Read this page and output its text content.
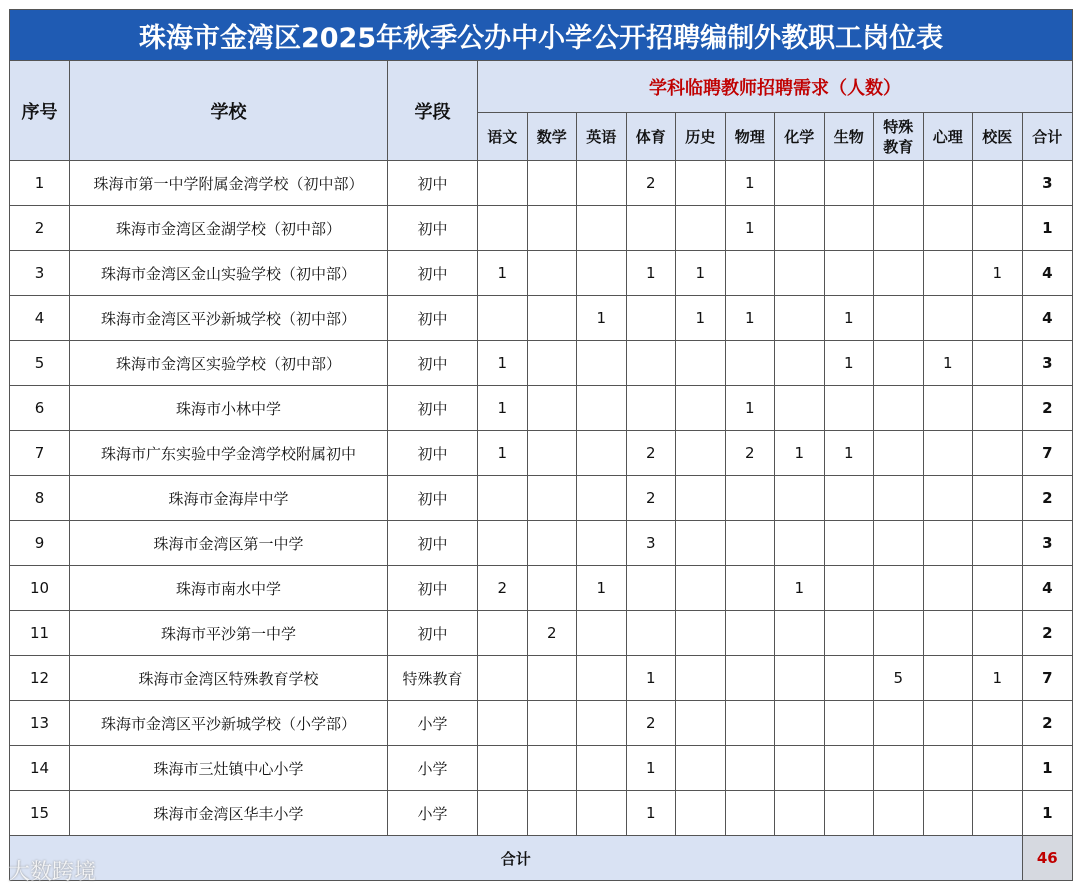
珠海市金湾区2025年秋季公办中小学公开招聘编制外教职工岗位表														
序号	学校	学段	学科临聘教师招聘需求（人数）											
			语文	数学	英语	体育	历史	物理	化学	生物	特殊
教育	心理	校医	合计
1	珠海市第一中学附属金湾学校（初中部）	初中				2		1						3
2	珠海市金湾区金湖学校（初中部）	初中						1						1
3	珠海市金湾区金山实验学校（初中部）	初中	1			1	1						1	4
4	珠海市金湾区平沙新城学校（初中部）	初中			1		1	1		1				4
5	珠海市金湾区实验学校（初中部）	初中	1							1		1		3
6	珠海市小林中学	初中	1					1						2
7	珠海市广东实验中学金湾学校附属初中	初中	1			2		2	1	1				7
8	珠海市金海岸中学	初中				2								2
9	珠海市金湾区第一中学	初中				3								3
10	珠海市南水中学	初中	2		1				1					4
11	珠海市平沙第一中学	初中		2										2
12	珠海市金湾区特殊教育学校	特殊教育				1					5		1	7
13	珠海市金湾区平沙新城学校（小学部）	小学				2								2
14	珠海市三灶镇中心小学	小学				1								1
15	珠海市金湾区华丰小学	小学				1								1
合计														46
大数跨境
